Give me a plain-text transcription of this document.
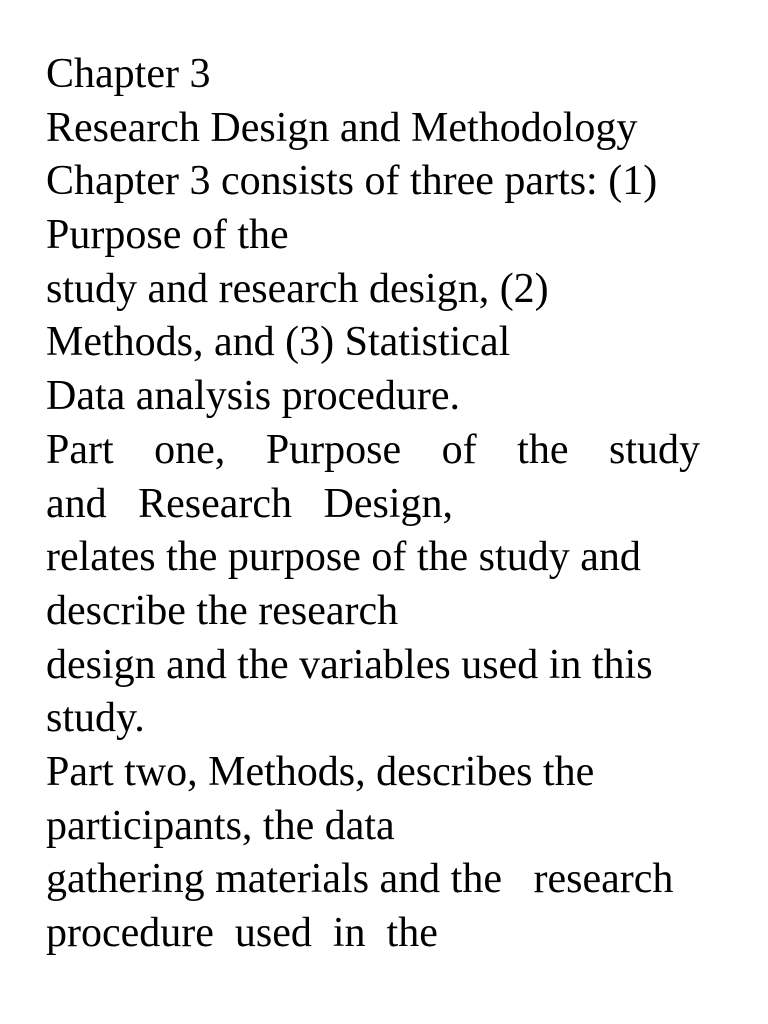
Chapter 3
Research Design and Methodology
Chapter 3 consists of three parts: (1)
Purpose of the
study and research design, (2)
Methods, and (3) Statistical
Data analysis procedure.
Part one, Purpose of the study
and   Research   Design,
relates the purpose of the study and
describe the research
design and the variables used in this
study.
Part two, Methods, describes the
participants, the data
gathering materials and the   research
procedure  used  in  the
